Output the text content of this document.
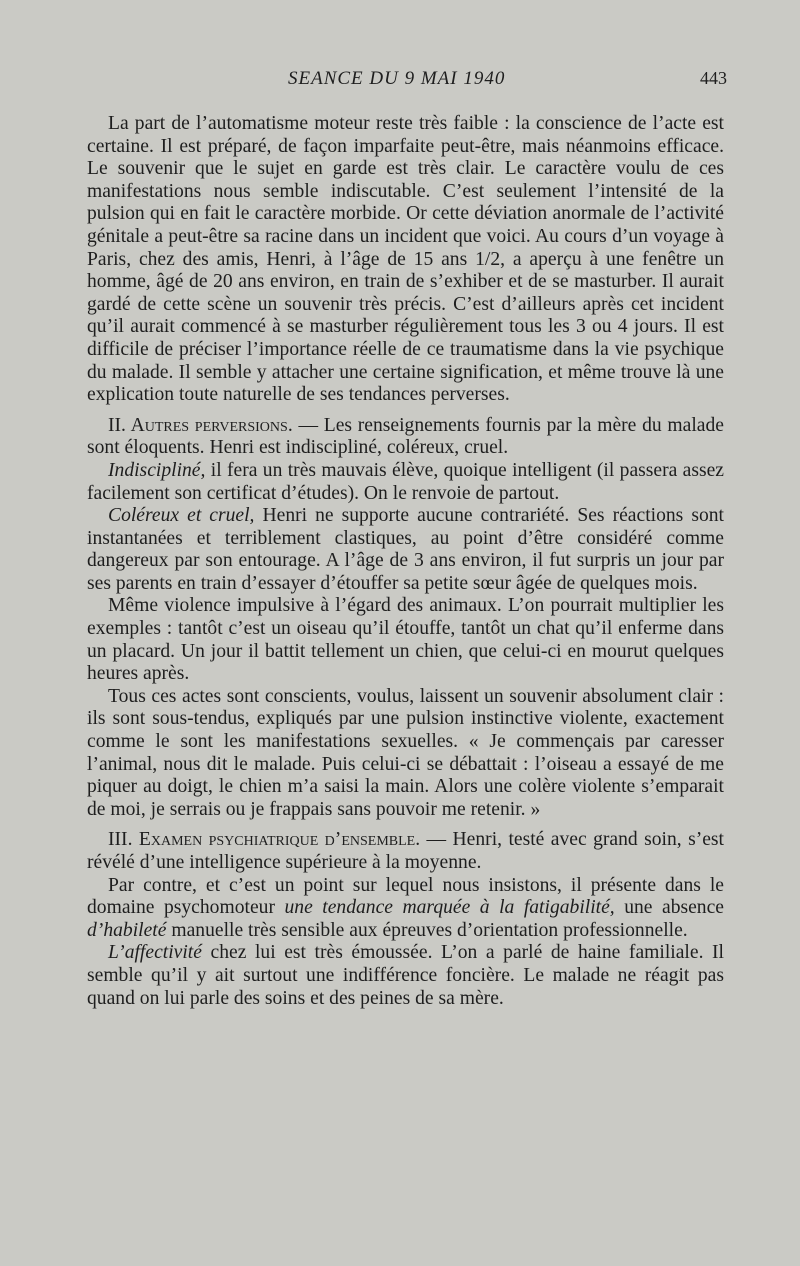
SEANCE DU 9 MAI 1940	443

La part de l’automatisme moteur reste très faible : la conscience de l’acte est certaine. Il est préparé, de façon imparfaite peut-être, mais néanmoins efficace. Le souvenir que le sujet en garde est très clair. Le caractère voulu de ces manifestations nous semble indiscutable. C’est seulement l’intensité de la pulsion qui en fait le caractère morbide. Or cette déviation anormale de l’activité génitale a peut-être sa racine dans un incident que voici. Au cours d’un voyage à Paris, chez des amis, Henri, à l’âge de 15 ans 1/2, a aperçu à une fenêtre un homme, âgé de 20 ans environ, en train de s’exhiber et de se masturber. Il aurait gardé de cette scène un souvenir très précis. C’est d’ailleurs après cet incident qu’il aurait commencé à se masturber régulièrement tous les 3 ou 4 jours. Il est difficile de préciser l’importance réelle de ce traumatisme dans la vie psychique du malade. Il semble y attacher une certaine signification, et même trouve là une explication toute naturelle de ses tendances perverses.

II. Autres perversions. — Les renseignements fournis par la mère du malade sont éloquents. Henri est indiscipliné, coléreux, cruel.

Indiscipliné, il fera un très mauvais élève, quoique intelligent (il passera assez facilement son certificat d’études). On le renvoie de partout.

Coléreux et cruel, Henri ne supporte aucune contrariété. Ses réactions sont instantanées et terriblement clastiques, au point d’être considéré comme dangereux par son entourage. A l’âge de 3 ans environ, il fut surpris un jour par ses parents en train d’essayer d’étouffer sa petite sœur âgée de quelques mois.

Même violence impulsive à l’égard des animaux. L’on pourrait multiplier les exemples : tantôt c’est un oiseau qu’il étouffe, tantôt un chat qu’il enferme dans un placard. Un jour il battit tellement un chien, que celui-ci en mourut quelques heures après.

Tous ces actes sont conscients, voulus, laissent un souvenir absolument clair : ils sont sous-tendus, expliqués par une pulsion instinctive violente, exactement comme le sont les manifestations sexuelles. « Je commençais par caresser l’animal, nous dit le malade. Puis celui-ci se débattait : l’oiseau a essayé de me piquer au doigt, le chien m’a saisi la main. Alors une colère violente s’emparait de moi, je serrais ou je frappais sans pouvoir me retenir. »

III. Examen psychiatrique d’ensemble. — Henri, testé avec grand soin, s’est révélé d’une intelligence supérieure à la moyenne.

Par contre, et c’est un point sur lequel nous insistons, il présente dans le domaine psychomoteur une tendance marquée à la fatigabilité, une absence d’habileté manuelle très sensible aux épreuves d’orientation professionnelle.

L’affectivité chez lui est très émoussée. L’on a parlé de haine familiale. Il semble qu’il y ait surtout une indifférence foncière. Le malade ne réagit pas quand on lui parle des soins et des peines de sa mère.
